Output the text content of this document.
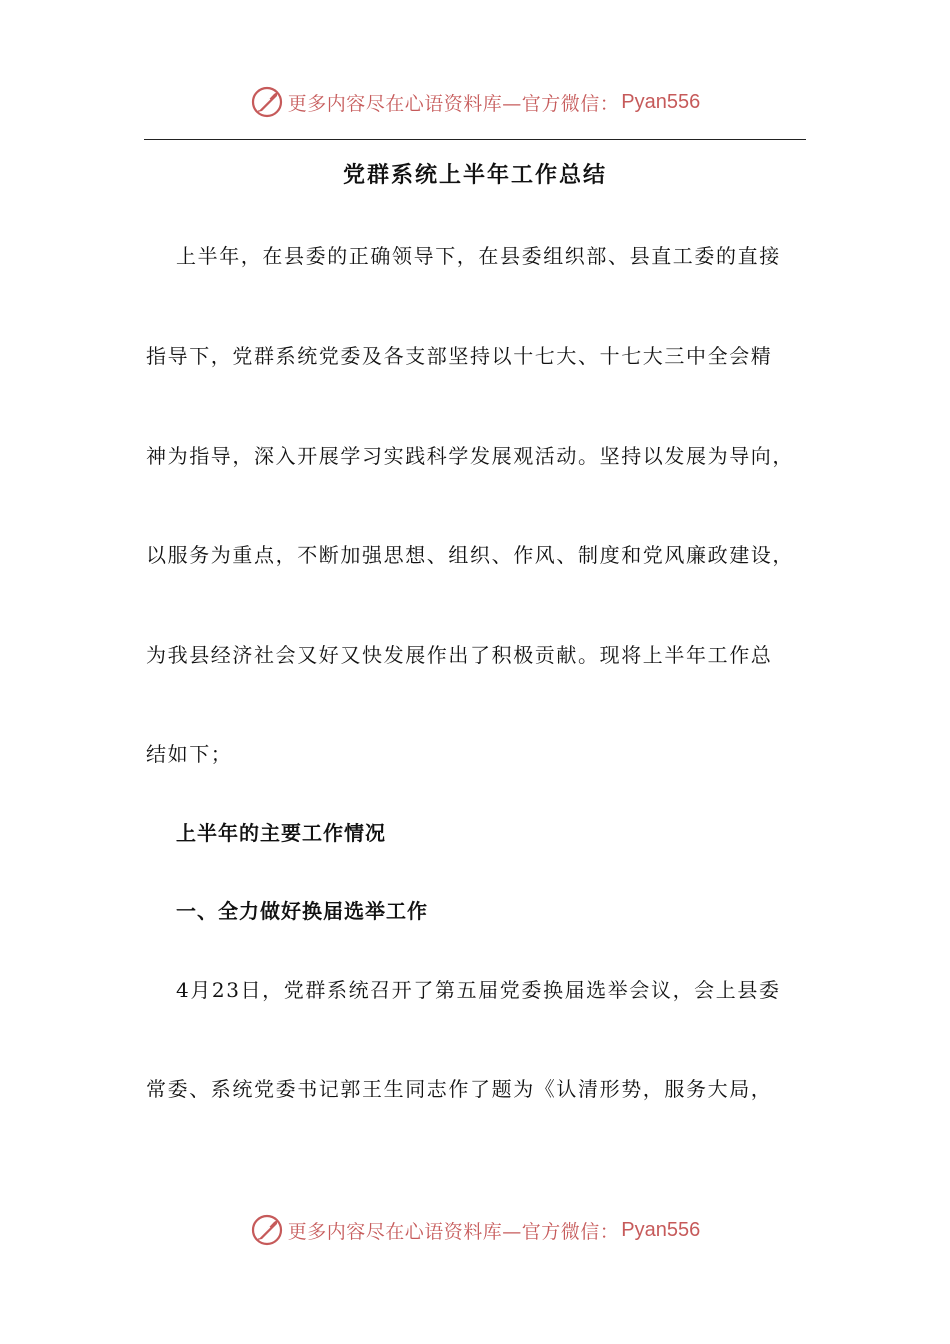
更多内容尽在心语资料库—官方微信： Pyan556
党群系统上半年工作总结
上半年，在县委的正确领导下，在县委组织部、县直工委的直接
指导下，党群系统党委及各支部坚持以十七大、十七大三中全会精
神为指导，深入开展学习实践科学发展观活动。坚持以发展为导向，
以服务为重点，不断加强思想、组织、作风、制度和党风廉政建设，
为我县经济社会又好又快发展作出了积极贡献。现将上半年工作总
结如下；
上半年的主要工作情况
一、全力做好换届选举工作
4月23日，党群系统召开了第五届党委换届选举会议，会上县委
常委、系统党委书记郭王生同志作了题为《认清形势，服务大局，
更多内容尽在心语资料库—官方微信： Pyan556
